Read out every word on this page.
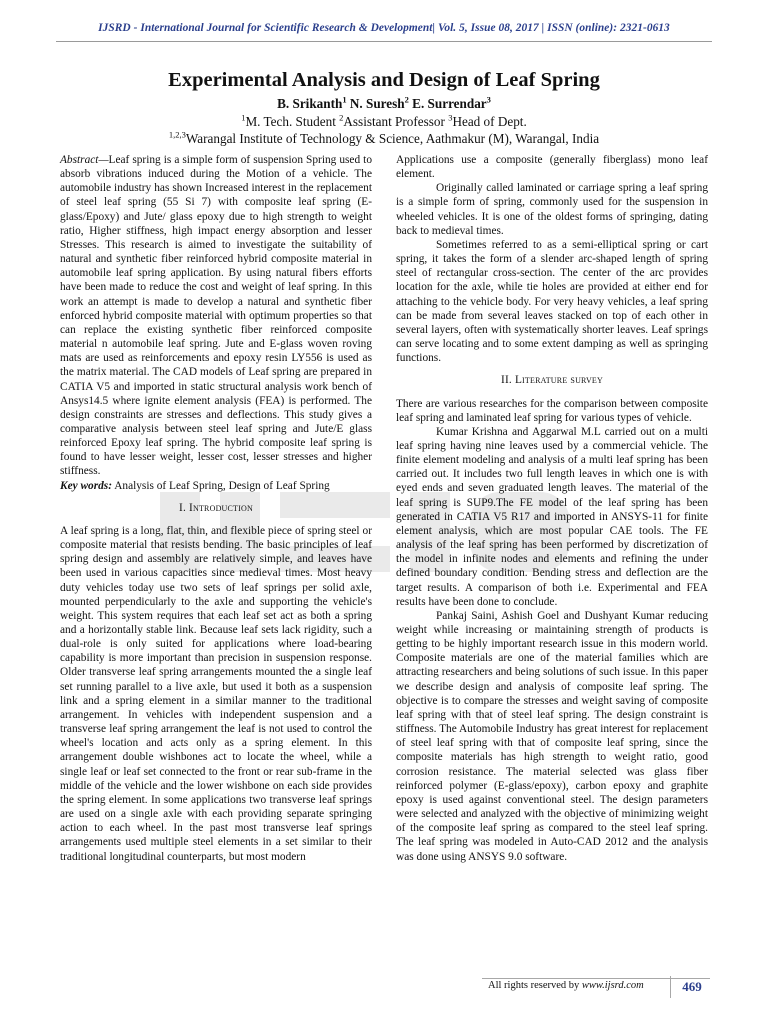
IJSRD - International Journal for Scientific Research & Development| Vol. 5, Issue 08, 2017 | ISSN (online): 2321-0613
Experimental Analysis and Design of Leaf Spring
B. Srikanth$^1$ N. Suresh$^2$ E. Surrendar$^3$
$^1$M. Tech. Student $^2$Assistant Professor $^3$Head of Dept.
$^{1,2,3}$Warangal Institute of Technology & Science, Aathmakur (M), Warangal, India

Abstract—Leaf spring is a simple form of suspension Spring used to absorb vibrations induced during the Motion of a vehicle. The automobile industry has shown Increased interest in the replacement of steel leaf spring (55 Si 7) with composite leaf spring (E-glass/Epoxy) and Jute/ glass epoxy due to high strength to weight ratio, Higher stiffness, high impact energy absorption and lesser Stresses. This research is aimed to investigate the suitability of natural and synthetic fiber reinforced hybrid composite material in automobile leaf spring application. By using natural fibers efforts have been made to reduce the cost and weight of leaf spring. In this work an attempt is made to develop a natural and synthetic fiber enforced hybrid composite material with optimum properties so that can replace the existing synthetic fiber reinforced composite material n automobile leaf spring. Jute and E-glass woven roving mats are used as reinforcements and epoxy resin LY556 is used as the matrix material. The CAD models of Leaf spring are prepared in CATIA V5 and imported in static structural analysis work bench of Ansys14.5 where ignite element analysis (FEA) is performed. The design constraints are stresses and deflections. This study gives a comparative analysis between steel leaf spring and Jute/E glass reinforced Epoxy leaf spring. The hybrid composite leaf spring is found to have lesser weight, lesser cost, lesser stresses and higher stiffness.

Key words: Analysis of Leaf Spring, Design of Leaf Spring

I. Introduction

A leaf spring is a long, flat, thin, and flexible piece of spring steel or composite material that resists bending. The basic principles of leaf spring design and assembly are relatively simple, and leaves have been used in various capacities since medieval times. Most heavy duty vehicles today use two sets of leaf springs per solid axle, mounted perpendicularly to the axle and supporting the vehicle's weight. This system requires that each leaf set act as both a spring and a horizontally stable link. Because leaf sets lack rigidity, such a dual-role is only suited for applications where load-bearing capability is more important than precision in suspension response. Older transverse leaf spring arrangements mounted the a single leaf set running parallel to a live axle, but used it both as a suspension link and a spring element in a similar manner to the traditional arrangement. In vehicles with independent suspension and a transverse leaf spring arrangement the leaf is not used to control the wheel's location and acts only as a spring element. In this arrangement double wishbones act to locate the wheel, while a single leaf or leaf set connected to the front or rear sub-frame in the middle of the vehicle and the lower wishbone on each side provides the spring element. In some applications two transverse leaf springs are used on a single axle with each providing separate springing action to each wheel. In the past most transverse leaf springs arrangements used multiple steel elements in a set similar to their traditional longitudinal counterparts, but most modern

Applications use a composite (generally fiberglass) mono leaf element.

Originally called laminated or carriage spring a leaf spring is a simple form of spring, commonly used for the suspension in wheeled vehicles. It is one of the oldest forms of springing, dating back to medieval times.

Sometimes referred to as a semi-elliptical spring or cart spring, it takes the form of a slender arc-shaped length of spring steel of rectangular cross-section. The center of the arc provides location for the axle, while tie holes are provided at either end for attaching to the vehicle body. For very heavy vehicles, a leaf spring can be made from several leaves stacked on top of each other in several layers, often with systematically shorter leaves. Leaf springs can serve locating and to some extent damping as well as springing functions.

II. Literature survey

There are various researches for the comparison between composite leaf spring and laminated leaf spring for various types of vehicle.

Kumar Krishna and Aggarwal M.L carried out on a multi leaf spring having nine leaves used by a commercial vehicle. The finite element modeling and analysis of a multi leaf spring has been carried out. It includes two full length leaves in which one is with eyed ends and seven graduated length leaves. The material of the leaf spring is SUP9.The FE model of the leaf spring has been generated in CATIA V5 R17 and imported in ANSYS-11 for finite element analysis, which are most popular CAE tools. The FE analysis of the leaf spring has been performed by discretization of the model in infinite nodes and elements and refining the under defined boundary condition. Bending stress and deflection are the target results. A comparison of both i.e. Experimental and FEA results have been done to conclude.

Pankaj Saini, Ashish Goel and Dushyant Kumar reducing weight while increasing or maintaining strength of products is getting to be highly important research issue in this modern world. Composite materials are one of the material families which are attracting researchers and being solutions of such issue. In this paper we describe design and analysis of composite leaf spring. The objective is to compare the stresses and weight saving of composite leaf spring with that of steel leaf spring. The design constraint is stiffness. The Automobile Industry has great interest for replacement of steel leaf spring with that of composite leaf spring, since the composite materials has high strength to weight ratio, good corrosion resistance. The material selected was glass fiber reinforced polymer (E-glass/epoxy), carbon epoxy and graphite epoxy is used against conventional steel. The design parameters were selected and analyzed with the objective of minimizing weight of the composite leaf spring as compared to the steel leaf spring. The leaf spring was modeled in Auto-CAD 2012 and the analysis was done using ANSYS 9.0 software.

All rights reserved by www.ijsrd.com	469
